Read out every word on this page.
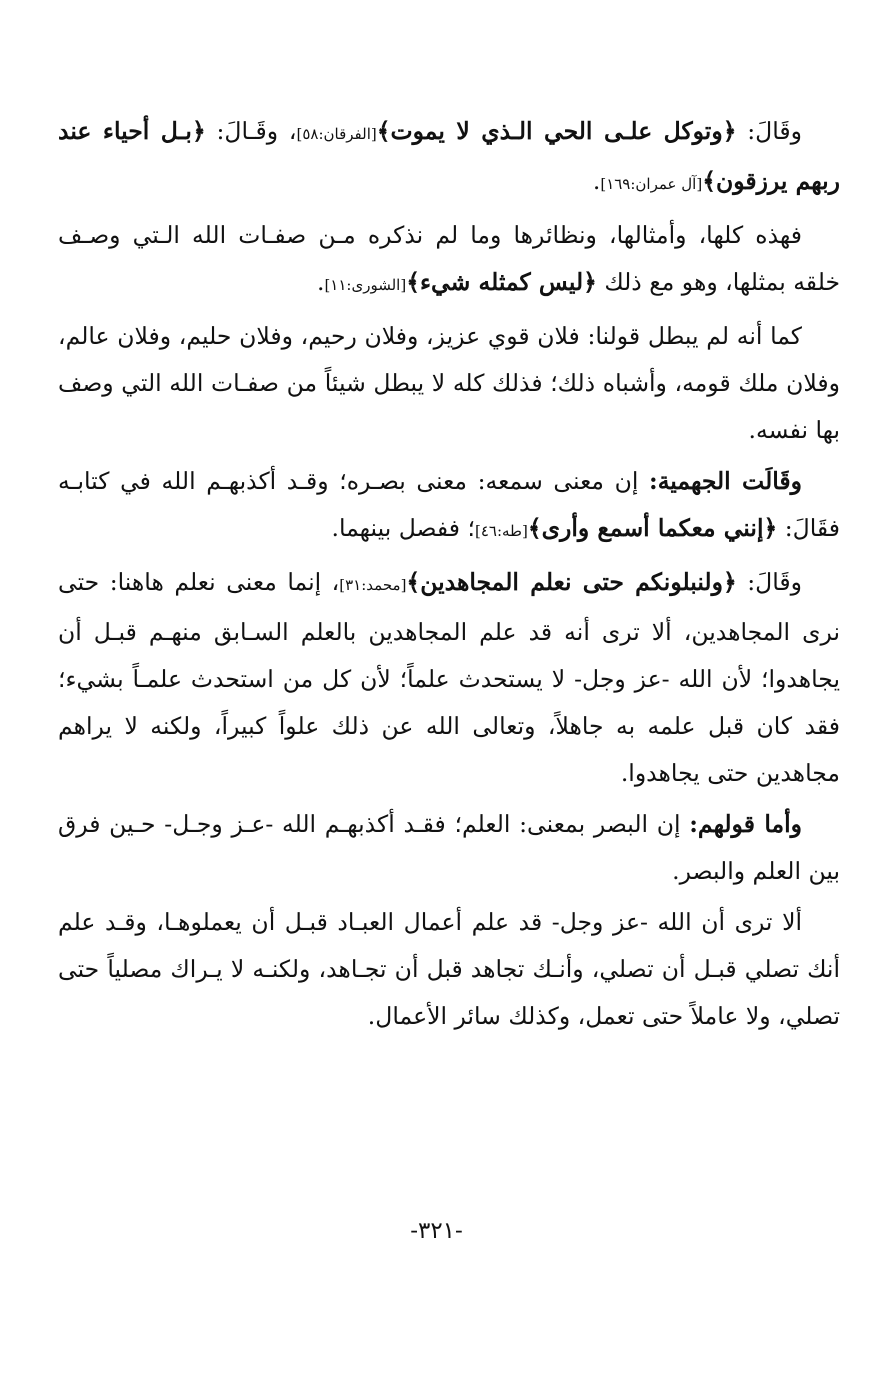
وقَالَ: ﴿وتوكل علـى الحي الـذي لا يموت﴾[الفرقان:٥٨]، وقَـالَ: ﴿بـل أحياء عند ربهم يرزقون﴾[آل عمران:١٦٩].

فهذه كلها، وأمثالها، ونظائرها وما لم نذكره مـن صفـات الله الـتي وصـف خلقه بمثلها، وهو مع ذلك ﴿ليس كمثله شيء﴾[الشورى:١١].

كما أنه لم يبطل قولنا: فلان قوي عزيز، وفلان رحيم، وفلان حليم، وفلان عالم، وفلان ملك قومه، وأشباه ذلك؛ فذلك كله لا يبطل شيئاً من صفـات الله التي وصف بها نفسه.

وقَالَت الجهمية: إن معنى سمعه: معنى بصـره؛ وقـد أكذبهـم الله في كتابـه فقَالَ: ﴿إنني معكما أسمع وأرى﴾[طه:٤٦]؛ ففصل بينهما.

وقَالَ: ﴿ولنبلونكم حتى نعلم المجاهدين﴾[محمد:٣١]، إنما معنى نعلم هاهنا: حتى نرى المجاهدين، ألا ترى أنه قد علم المجاهدين بالعلم السـابق منهـم قبـل أن يجاهدوا؛ لأن الله -عز وجل- لا يستحدث علماً؛ لأن كل من استحدث علمـاً بشيء؛ فقد كان قبل علمه به جاهلاً، وتعالى الله عن ذلك علواً كبيراً، ولكنه لا يراهم مجاهدين حتى يجاهدوا.

وأما قولهم: إن البصر بمعنى: العلم؛ فقـد أكذبهـم الله -عـز وجـل- حـين فرق بين العلم والبصر.

ألا ترى أن الله -عز وجل- قد علم أعمال العبـاد قبـل أن يعملوهـا، وقـد علم أنك تصلي قبـل أن تصلي، وأنـك تجاهد قبل أن تجـاهد، ولكنـه لا يـراك مصلياً حتى تصلي، ولا عاملاً حتى تعمل، وكذلك سائر الأعمال.

-٣٢١-
